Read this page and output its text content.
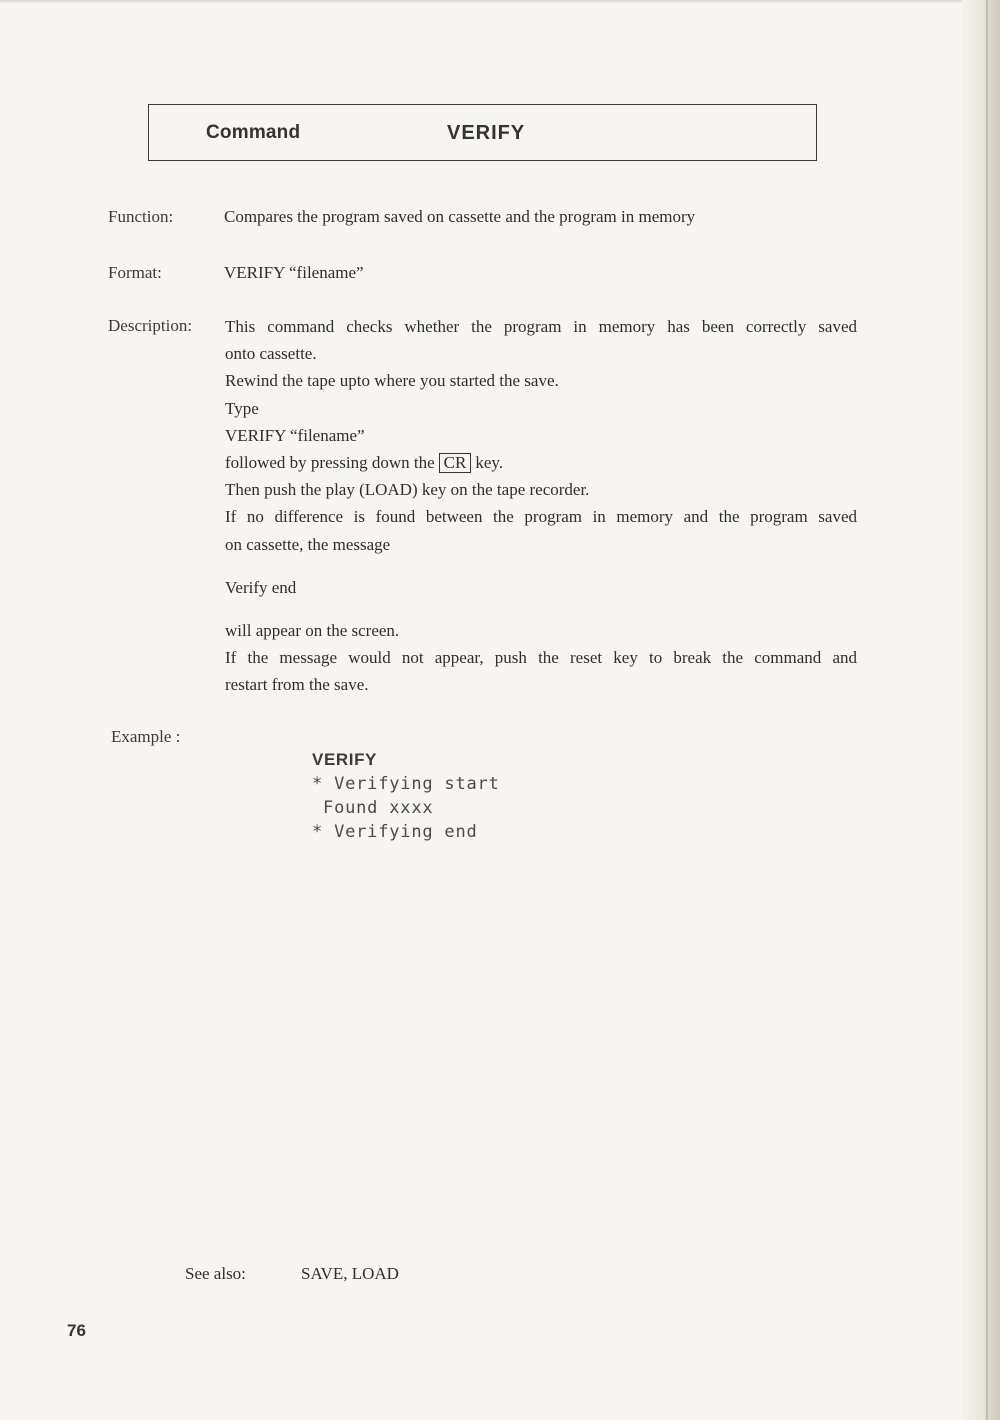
Command	VERIFY
Function:	Compares the program saved on cassette and the program in memory
Format:	VERIFY “filename”
Description: This command checks whether the program in memory has been correctly saved
onto cassette.
Rewind the tape upto where you started the save.
Type
VERIFY “filename”
followed by pressing down the CR key.
Then push the play (LOAD) key on the tape recorder.
If no difference is found between the program in memory and the program saved
on cassette, the message
Verify end
will appear on the screen.
If the message would not appear, push the reset key to break the command and
restart from the save.
Example :
VERIFY
* Verifying start
Found xxxx
* Verifying end
See also:	SAVE, LOAD
76
